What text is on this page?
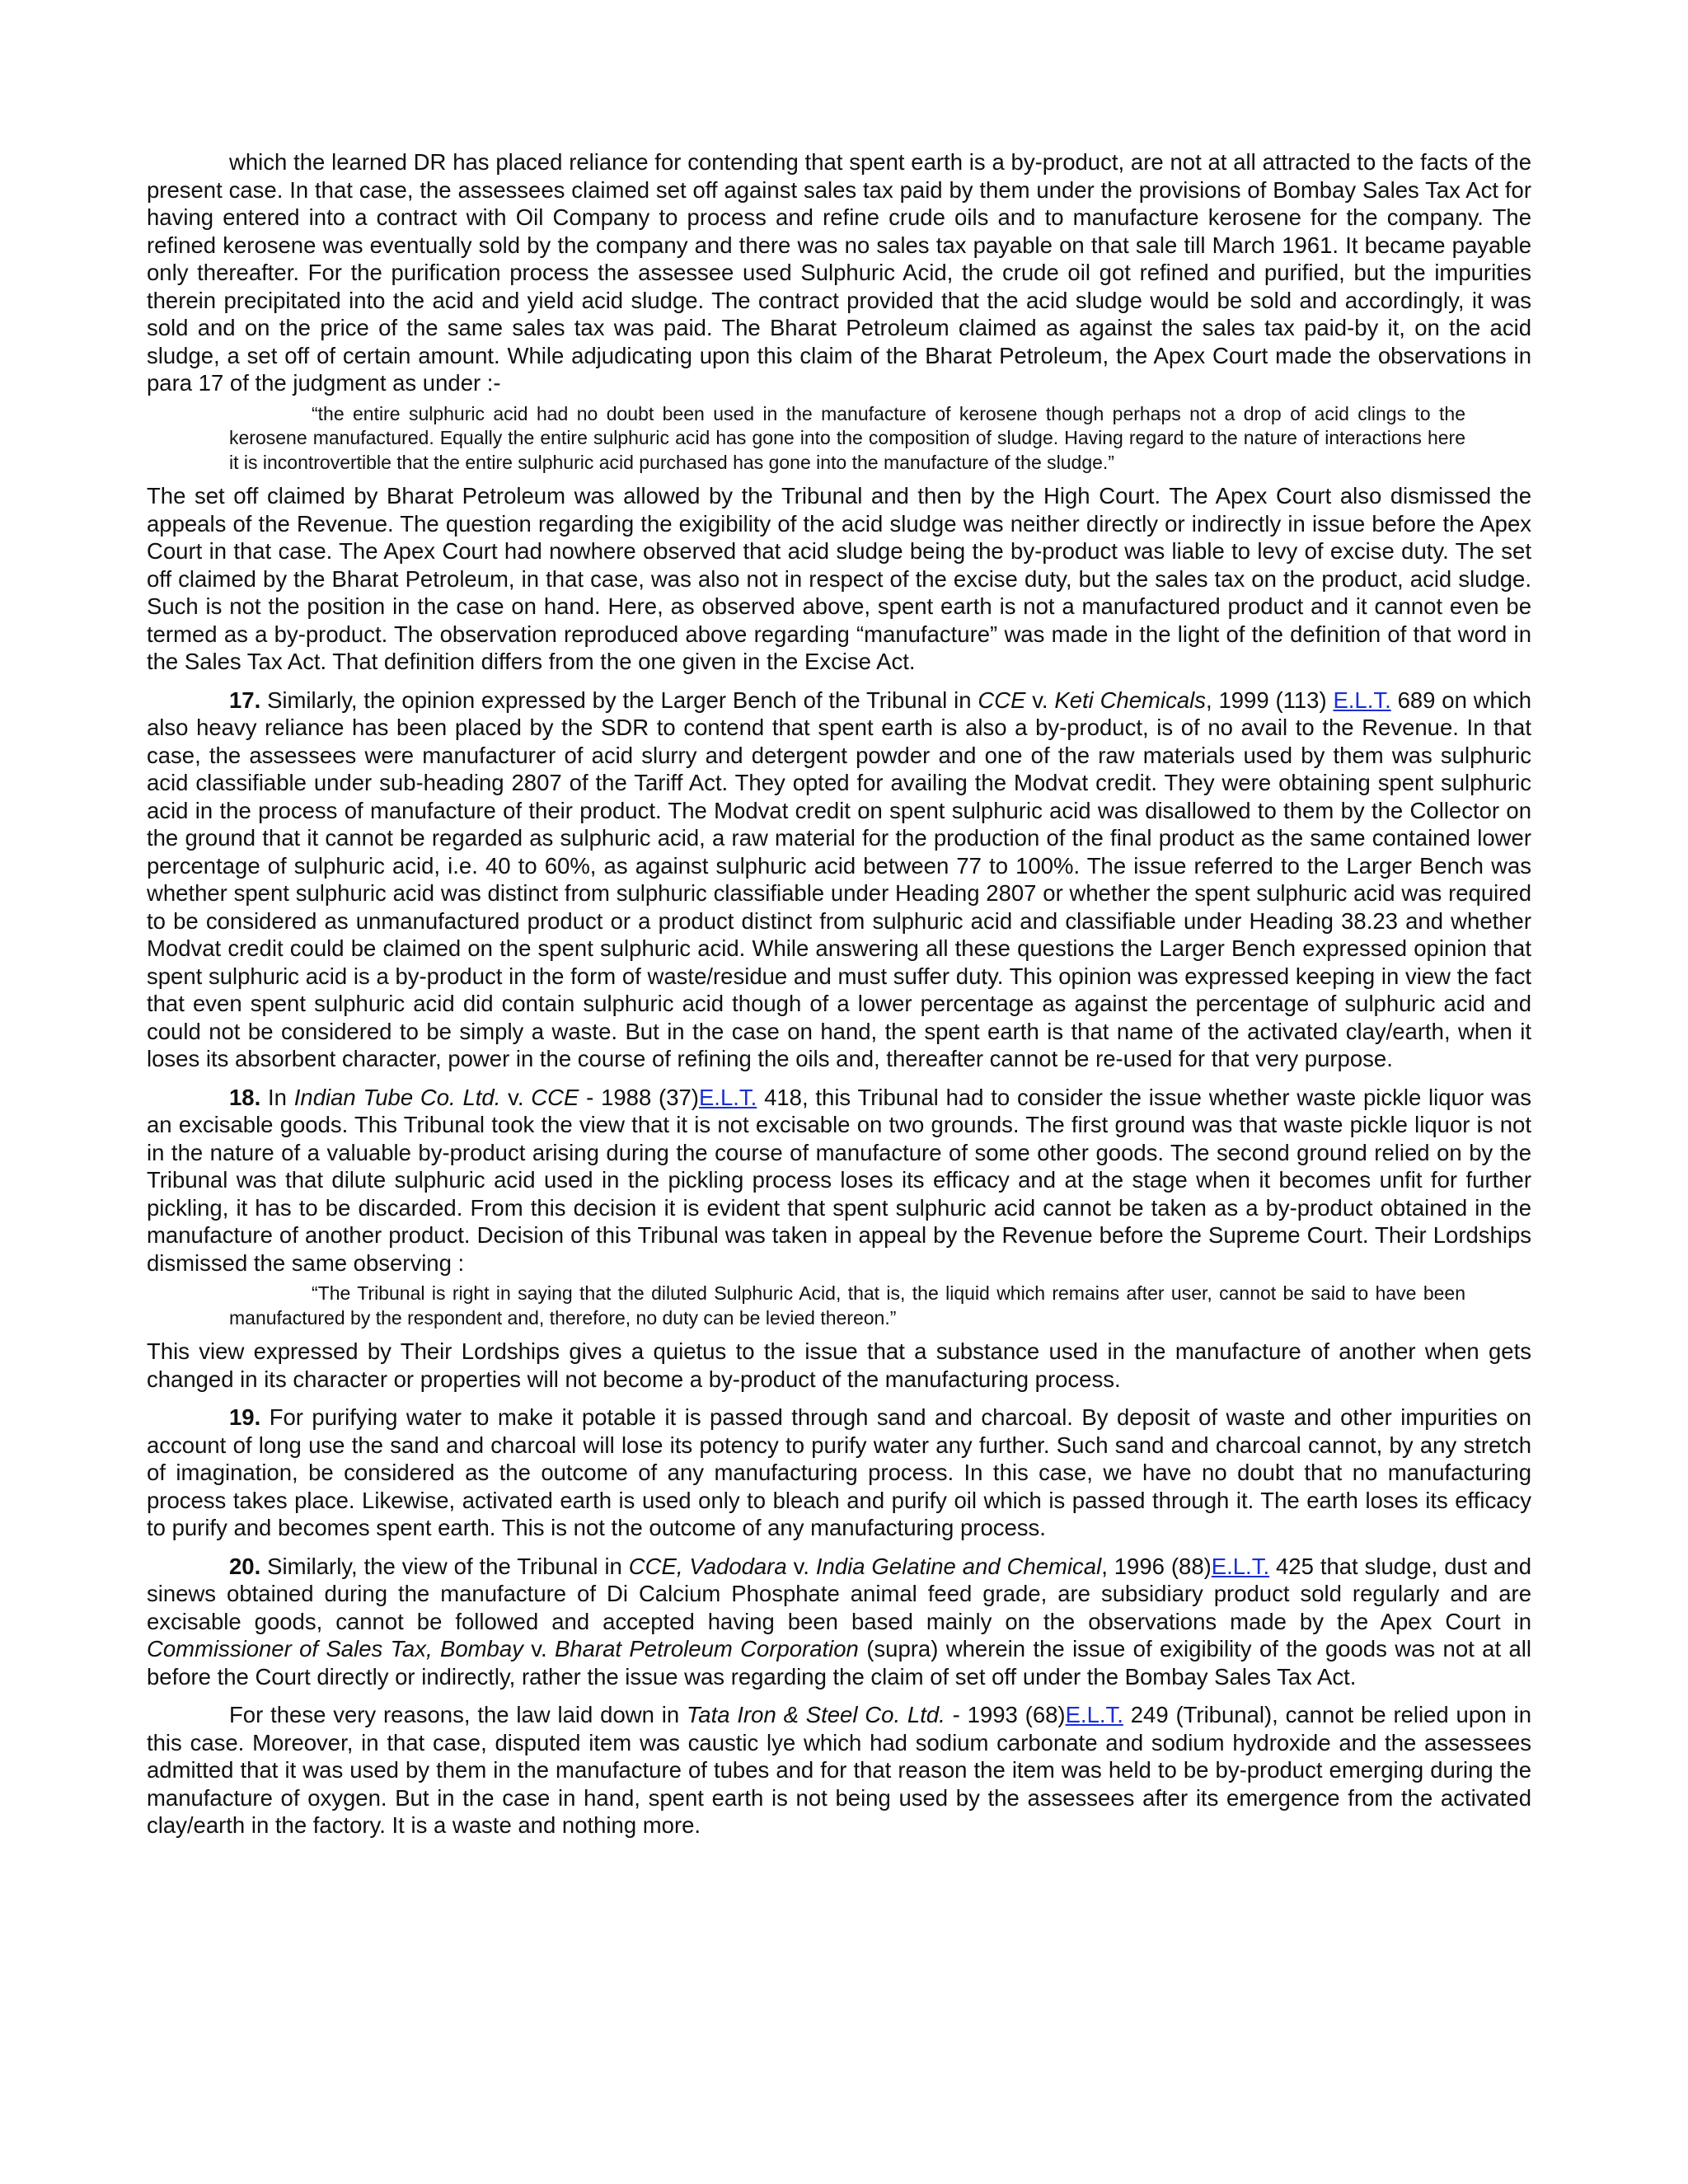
which the learned DR has placed reliance for contending that spent earth is a by-product, are not at all attracted to the facts of the present case. In that case, the assessees claimed set off against sales tax paid by them under the provisions of Bombay Sales Tax Act for having entered into a contract with Oil Company to process and refine crude oils and to manufacture kerosene for the company. The refined kerosene was eventually sold by the company and there was no sales tax payable on that sale till March 1961. It became payable only thereafter. For the purification process the assessee used Sulphuric Acid, the crude oil got refined and purified, but the impurities therein precipitated into the acid and yield acid sludge. The contract provided that the acid sludge would be sold and accordingly, it was sold and on the price of the same sales tax was paid. The Bharat Petroleum claimed as against the sales tax paid-by it, on the acid sludge, a set off of certain amount. While adjudicating upon this claim of the Bharat Petroleum, the Apex Court made the observations in para 17 of the judgment as under :-

“the entire sulphuric acid had no doubt been used in the manufacture of kerosene though perhaps not a drop of acid clings to the kerosene manufactured. Equally the entire sulphuric acid has gone into the composition of sludge. Having regard to the nature of interactions here it is incontrovertible that the entire sulphuric acid purchased has gone into the manufacture of the sludge.”

The set off claimed by Bharat Petroleum was allowed by the Tribunal and then by the High Court. The Apex Court also dismissed the appeals of the Revenue. The question regarding the exigibility of the acid sludge was neither directly or indirectly in issue before the Apex Court in that case. The Apex Court had nowhere observed that acid sludge being the by-product was liable to levy of excise duty. The set off claimed by the Bharat Petroleum, in that case, was also not in respect of the excise duty, but the sales tax on the product, acid sludge. Such is not the position in the case on hand. Here, as observed above, spent earth is not a manufactured product and it cannot even be termed as a by-product. The observation reproduced above regarding “manufacture” was made in the light of the definition of that word in the Sales Tax Act. That definition differs from the one given in the Excise Act.

17. Similarly, the opinion expressed by the Larger Bench of the Tribunal in CCE v. Keti Chemicals, 1999 (113) E.L.T. 689 on which also heavy reliance has been placed by the SDR to contend that spent earth is also a by-product, is of no avail to the Revenue. In that case, the assessees were manufacturer of acid slurry and detergent powder and one of the raw materials used by them was sulphuric acid classifiable under sub-heading 2807 of the Tariff Act. They opted for availing the Modvat credit. They were obtaining spent sulphuric acid in the process of manufacture of their product. The Modvat credit on spent sulphuric acid was disallowed to them by the Collector on the ground that it cannot be regarded as sulphuric acid, a raw material for the production of the final product as the same contained lower percentage of sulphuric acid, i.e. 40 to 60%, as against sulphuric acid between 77 to 100%. The issue referred to the Larger Bench was whether spent sulphuric acid was distinct from sulphuric classifiable under Heading 2807 or whether the spent sulphuric acid was required to be considered as unmanufactured product or a product distinct from sulphuric acid and classifiable under Heading 38.23 and whether Modvat credit could be claimed on the spent sulphuric acid. While answering all these questions the Larger Bench expressed opinion that spent sulphuric acid is a by-product in the form of waste/residue and must suffer duty. This opinion was expressed keeping in view the fact that even spent sulphuric acid did contain sulphuric acid though of a lower percentage as against the percentage of sulphuric acid and could not be considered to be simply a waste. But in the case on hand, the spent earth is that name of the activated clay/earth, when it loses its absorbent character, power in the course of refining the oils and, thereafter cannot be re-used for that very purpose.

18. In Indian Tube Co. Ltd. v. CCE - 1988 (37)E.L.T. 418, this Tribunal had to consider the issue whether waste pickle liquor was an excisable goods. This Tribunal took the view that it is not excisable on two grounds. The first ground was that waste pickle liquor is not in the nature of a valuable by-product arising during the course of manufacture of some other goods. The second ground relied on by the Tribunal was that dilute sulphuric acid used in the pickling process loses its efficacy and at the stage when it becomes unfit for further pickling, it has to be discarded. From this decision it is evident that spent sulphuric acid cannot be taken as a by-product obtained in the manufacture of another product. Decision of this Tribunal was taken in appeal by the Revenue before the Supreme Court. Their Lordships dismissed the same observing :

“The Tribunal is right in saying that the diluted Sulphuric Acid, that is, the liquid which remains after user, cannot be said to have been manufactured by the respondent and, therefore, no duty can be levied thereon.”

This view expressed by Their Lordships gives a quietus to the issue that a substance used in the manufacture of another when gets changed in its character or properties will not become a by-product of the manufacturing process.

19. For purifying water to make it potable it is passed through sand and charcoal. By deposit of waste and other impurities on account of long use the sand and charcoal will lose its potency to purify water any further. Such sand and charcoal cannot, by any stretch of imagination, be considered as the outcome of any manufacturing process. In this case, we have no doubt that no manufacturing process takes place. Likewise, activated earth is used only to bleach and purify oil which is passed through it. The earth loses its efficacy to purify and becomes spent earth. This is not the outcome of any manufacturing process.

20. Similarly, the view of the Tribunal in CCE, Vadodara v. India Gelatine and Chemical, 1996 (88)E.L.T. 425 that sludge, dust and sinews obtained during the manufacture of Di Calcium Phosphate animal feed grade, are subsidiary product sold regularly and are excisable goods, cannot be followed and accepted having been based mainly on the observations made by the Apex Court in Commissioner of Sales Tax, Bombay v. Bharat Petroleum Corporation (supra) wherein the issue of exigibility of the goods was not at all before the Court directly or indirectly, rather the issue was regarding the claim of set off under the Bombay Sales Tax Act.

For these very reasons, the law laid down in Tata Iron & Steel Co. Ltd. - 1993 (68)E.L.T. 249 (Tribunal), cannot be relied upon in this case. Moreover, in that case, disputed item was caustic lye which had sodium carbonate and sodium hydroxide and the assessees admitted that it was used by them in the manufacture of tubes and for that reason the item was held to be by-product emerging during the manufacture of oxygen. But in the case in hand, spent earth is not being used by the assessees after its emergence from the activated clay/earth in the factory. It is a waste and nothing more.
